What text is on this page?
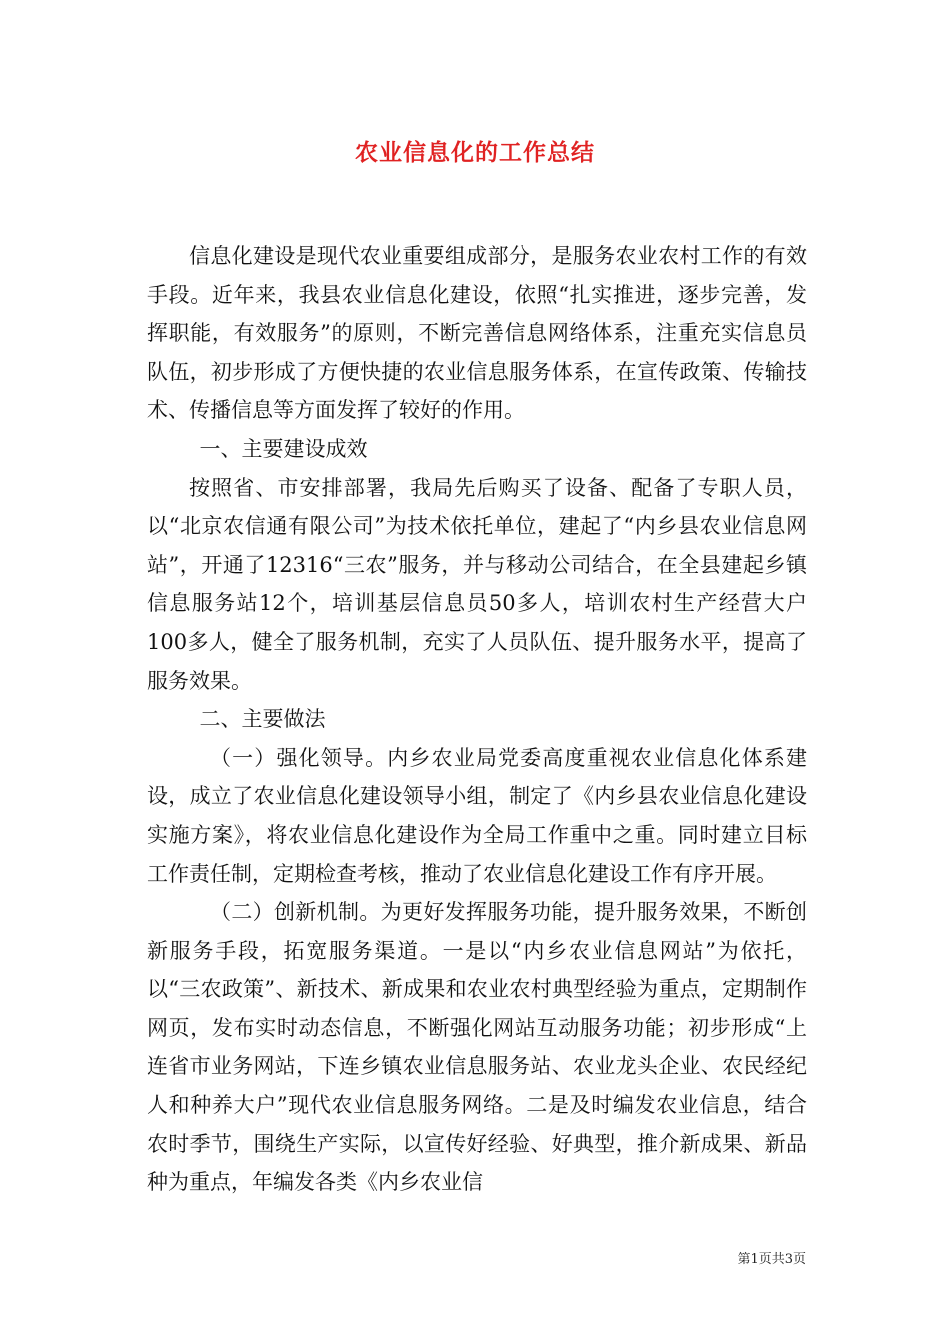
农业信息化的工作总结

信息化建设是现代农业重要组成部分，是服务农业农村工作的有效手段。近年来，我县农业信息化建设，依照“扎实推进，逐步完善，发挥职能，有效服务”的原则，不断完善信息网络体系，注重充实信息员队伍，初步形成了方便快捷的农业信息服务体系，在宣传政策、传输技术、传播信息等方面发挥了较好的作用。

一、主要建设成效

按照省、市安排部署，我局先后购买了设备、配备了专职人员，以“北京农信通有限公司”为技术依托单位，建起了“内乡县农业信息网站”，开通了12316“三农”服务，并与移动公司结合，在全县建起乡镇信息服务站12个，培训基层信息员50多人，培训农村生产经营大户100多人，健全了服务机制，充实了人员队伍、提升服务水平，提高了服务效果。

二、主要做法

（一）强化领导。内乡农业局党委高度重视农业信息化体系建设，成立了农业信息化建设领导小组，制定了《内乡县农业信息化建设实施方案》，将农业信息化建设作为全局工作重中之重。同时建立目标工作责任制，定期检查考核，推动了农业信息化建设工作有序开展。

（二）创新机制。为更好发挥服务功能，提升服务效果，不断创新服务手段，拓宽服务渠道。一是以“内乡农业信息网站”为依托，以“三农政策”、新技术、新成果和农业农村典型经验为重点，定期制作网页，发布实时动态信息，不断强化网站互动服务功能；初步形成“上连省市业务网站，下连乡镇农业信息服务站、农业龙头企业、农民经纪人和种养大户”现代农业信息服务网络。二是及时编发农业信息，结合农时季节，围绕生产实际，以宣传好经验、好典型，推介新成果、新品种为重点，年编发各类《内乡农业信

第1页共3页
